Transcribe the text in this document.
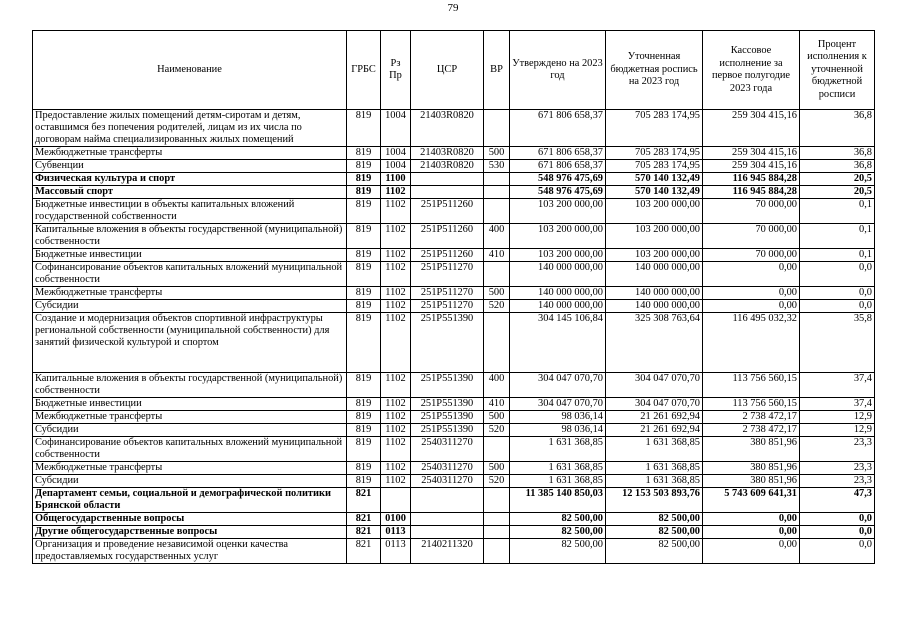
79
Наименование	ГРБС	Рз Пр	ЦСР	ВР	Утверждено на 2023 год	Уточненная бюджетная роспись на 2023 год	Кассовое исполнение за первое полугодие 2023 года	Процент исполнения к уточненной бюджетной росписи
Предоставление жилых помещений детям-сиротам и детям, оставшимся без попечения родителей, лицам из их числа по договорам найма специализированных жилых помещений	819	1004	21403R0820		671 806 658,37	705 283 174,95	259 304 415,16	36,8
Межбюджетные трансферты	819	1004	21403R0820	500	671 806 658,37	705 283 174,95	259 304 415,16	36,8
Субвенции	819	1004	21403R0820	530	671 806 658,37	705 283 174,95	259 304 415,16	36,8
Физическая культура и спорт	819	1100			548 976 475,69	570 140 132,49	116 945 884,28	20,5
Массовый спорт	819	1102			548 976 475,69	570 140 132,49	116 945 884,28	20,5
Бюджетные инвестиции в объекты капитальных вложений государственной собственности	819	1102	251P511260		103 200 000,00	103 200 000,00	70 000,00	0,1
Капитальные вложения в объекты государственной (муниципальной) собственности	819	1102	251P511260	400	103 200 000,00	103 200 000,00	70 000,00	0,1
Бюджетные инвестиции	819	1102	251P511260	410	103 200 000,00	103 200 000,00	70 000,00	0,1
Софинансирование объектов капитальных вложений муниципальной собственности	819	1102	251P511270		140 000 000,00	140 000 000,00	0,00	0,0
Межбюджетные трансферты	819	1102	251P511270	500	140 000 000,00	140 000 000,00	0,00	0,0
Субсидии	819	1102	251P511270	520	140 000 000,00	140 000 000,00	0,00	0,0
Создание и модернизация объектов спортивной инфраструктуры региональной собственности (муниципальной собственности) для занятий физической культурой и спортом	819	1102	251P551390		304 145 106,84	325 308 763,64	116 495 032,32	35,8
Капитальные вложения в объекты государственной (муниципальной) собственности	819	1102	251P551390	400	304 047 070,70	304 047 070,70	113 756 560,15	37,4
Бюджетные инвестиции	819	1102	251P551390	410	304 047 070,70	304 047 070,70	113 756 560,15	37,4
Межбюджетные трансферты	819	1102	251P551390	500	98 036,14	21 261 692,94	2 738 472,17	12,9
Субсидии	819	1102	251P551390	520	98 036,14	21 261 692,94	2 738 472,17	12,9
Софинансирование объектов капитальных вложений муниципальной собственности	819	1102	2540311270		1 631 368,85	1 631 368,85	380 851,96	23,3
Межбюджетные трансферты	819	1102	2540311270	500	1 631 368,85	1 631 368,85	380 851,96	23,3
Субсидии	819	1102	2540311270	520	1 631 368,85	1 631 368,85	380 851,96	23,3
Департамент семьи, социальной и демографической политики Брянской области	821				11 385 140 850,03	12 153 503 893,76	5 743 609 641,31	47,3
Общегосударственные вопросы	821	0100			82 500,00	82 500,00	0,00	0,0
Другие общегосударственные вопросы	821	0113			82 500,00	82 500,00	0,00	0,0
Организация и проведение независимой оценки качества предоставляемых государственных услуг	821	0113	2140211320		82 500,00	82 500,00	0,00	0,0
